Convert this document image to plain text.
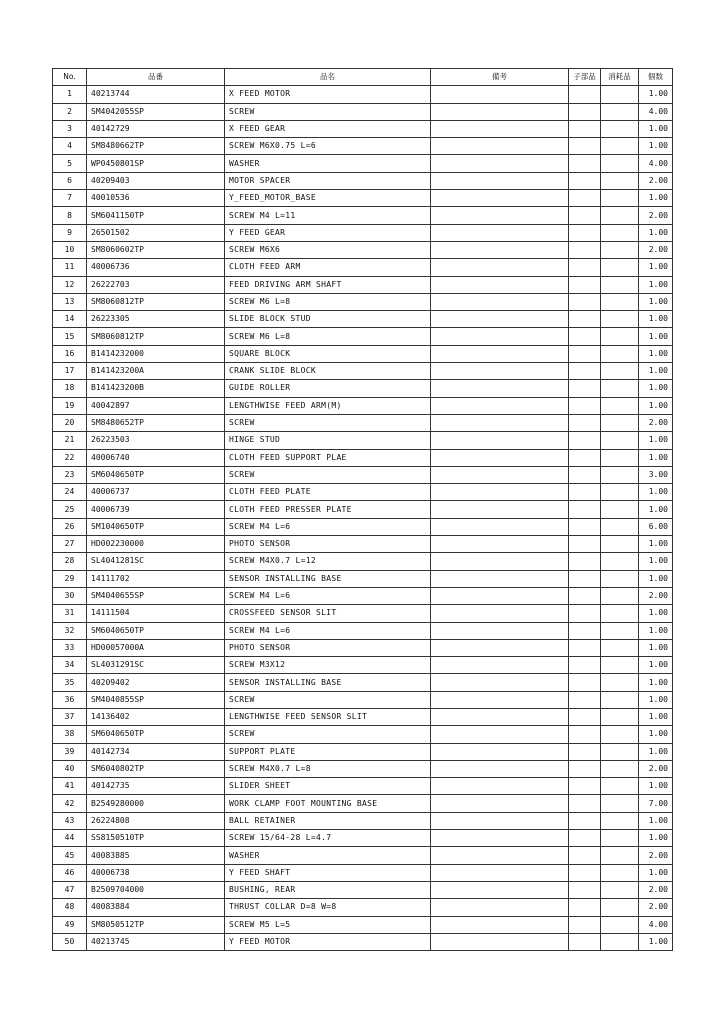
No.	品番	品名	備考	子部品	消耗品	個数
1	40213744	X FEED MOTOR				1.00
2	SM4042055SP	SCREW				4.00
3	40142729	X FEED GEAR				1.00
4	SM8480662TP	SCREW M6X0.75 L=6				1.00
5	WP0450801SP	WASHER				4.00
6	40209403	MOTOR SPACER				2.00
7	40010536	Y_FEED_MOTOR_BASE				1.00
8	SM6041150TP	SCREW M4 L=11				2.00
9	26501502	Y FEED GEAR				1.00
10	SM8060602TP	SCREW M6X6				2.00
11	40006736	CLOTH FEED ARM				1.00
12	26222703	FEED DRIVING ARM SHAFT				1.00
13	SM8060812TP	SCREW M6 L=8				1.00
14	26223305	SLIDE BLOCK STUD				1.00
15	SM8060812TP	SCREW M6 L=8				1.00
16	B1414232000	SQUARE BLOCK				1.00
17	B141423200A	CRANK SLIDE BLOCK				1.00
18	B141423200B	GUIDE ROLLER				1.00
19	40042897	LENGTHWISE FEED ARM(M)				1.00
20	SM8480652TP	SCREW				2.00
21	26223503	HINGE STUD				1.00
22	40006740	CLOTH FEED SUPPORT PLAE				1.00
23	SM6040650TP	SCREW				3.00
24	40006737	CLOTH FEED PLATE				1.00
25	40006739	CLOTH FEED PRESSER PLATE				1.00
26	SM1040650TP	SCREW M4 L=6				6.00
27	HD002230000	PHOTO SENSOR				1.00
28	SL4041281SC	SCREW M4X0.7 L=12				1.00
29	14111702	SENSOR INSTALLING BASE				1.00
30	SM4040655SP	SCREW M4 L=6				2.00
31	14111504	CROSSFEED SENSOR SLIT				1.00
32	SM6040650TP	SCREW M4 L=6				1.00
33	HD00057000A	PHOTO SENSOR				1.00
34	SL4031291SC	SCREW M3X12				1.00
35	40209402	SENSOR INSTALLING BASE				1.00
36	SM4040855SP	SCREW				1.00
37	14136402	LENGTHWISE FEED SENSOR SLIT				1.00
38	SM6040650TP	SCREW				1.00
39	40142734	SUPPORT PLATE				1.00
40	SM6040802TP	SCREW M4X0.7 L=8				2.00
41	40142735	SLIDER SHEET				1.00
42	B2549280000	WORK CLAMP FOOT MOUNTING BASE				7.00
43	26224808	BALL RETAINER				1.00
44	SS8150510TP	SCREW 15/64-28 L=4.7				1.00
45	40083885	WASHER				2.00
46	40006738	Y FEED SHAFT				1.00
47	B2509704000	BUSHING, REAR				2.00
48	40083884	THRUST COLLAR D=8 W=8				2.00
49	SM8050512TP	SCREW M5 L=5				4.00
50	40213745	Y FEED MOTOR				1.00
